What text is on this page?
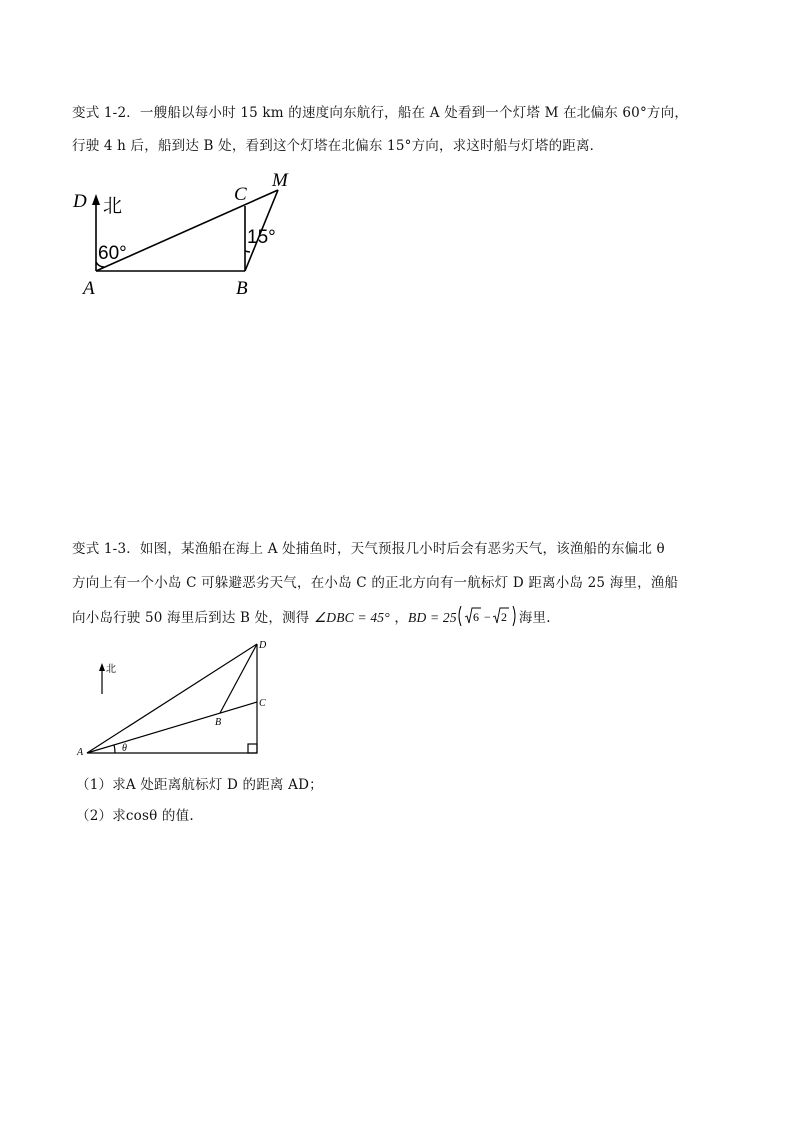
变式 1-2．一艘船以每小时 15 km 的速度向东航行，船在 A 处看到一个灯塔 M 在北偏东 60°方向，
行驶 4 h 后，船到达 B 处，看到这个灯塔在北偏东 15°方向，求这时船与灯塔的距离．
D 北
C
M
60°
15°
A	B
变式 1-3．如图，某渔船在海上 A 处捕鱼时，天气预报几小时后会有恶劣天气，该渔船的东偏北 θ
方向上有一个小岛 C 可躲避恶劣天气，在小岛 C 的正北方向有一航标灯 D 距离小岛 25 海里，渔船
向小岛行驶 50 海里后到达 B 处，测得 ∠DBC = 45° ，BD = 25 6 − 2 海里.
北
D
C
B
A	θ
（1）求A 处距离航标灯 D 的距离 AD；
（2）求cosθ 的值.
